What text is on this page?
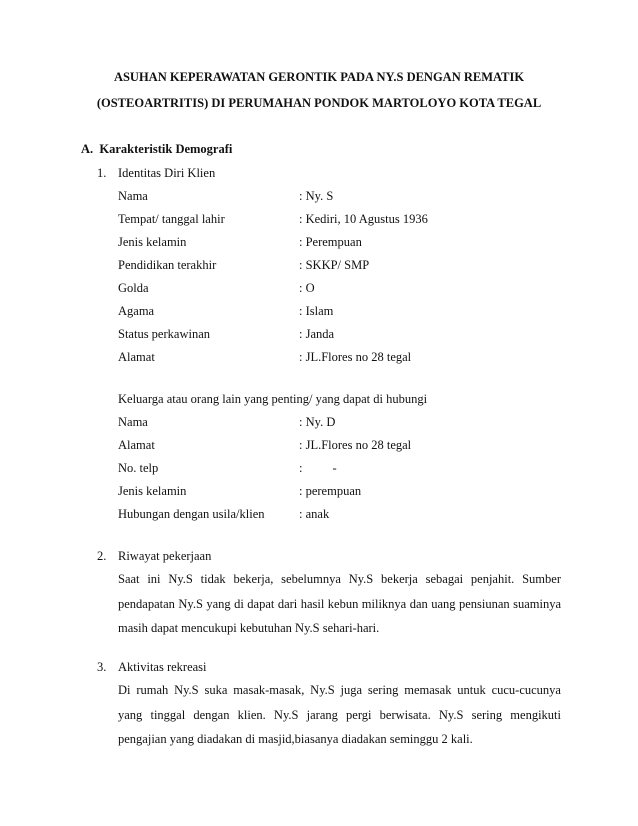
ASUHAN KEPERAWATAN GERONTIK PADA NY.S DENGAN REMATIK
(OSTEOARTRITIS) DI PERUMAHAN PONDOK MARTOLOYO KOTA TEGAL
A. Karakteristik Demografi
1. Identitas Diri Klien
Nama	: Ny. S
Tempat/ tanggal lahir	: Kediri, 10 Agustus 1936
Jenis kelamin	: Perempuan
Pendidikan terakhir	: SKKP/ SMP
Golda	: O
Agama	: Islam
Status perkawinan	: Janda
Alamat	: JL.Flores no 28 tegal
Keluarga atau orang lain yang penting/ yang dapat di hubungi
Nama	: Ny. D
Alamat	: JL.Flores no 28 tegal
No. telp	: -
Jenis kelamin	: perempuan
Hubungan dengan usila/klien	: anak
2. Riwayat pekerjaan
Saat ini Ny.S tidak bekerja, sebelumnya Ny.S bekerja sebagai penjahit. Sumber pendapatan Ny.S yang di dapat dari hasil kebun miliknya dan uang pensiunan suaminya masih dapat mencukupi kebutuhan Ny.S sehari-hari.
3. Aktivitas rekreasi
Di rumah Ny.S suka masak-masak, Ny.S juga sering memasak untuk cucu-cucunya yang tinggal dengan klien. Ny.S jarang pergi berwisata. Ny.S sering mengikuti pengajian yang diadakan di masjid,biasanya diadakan seminggu 2 kali.
